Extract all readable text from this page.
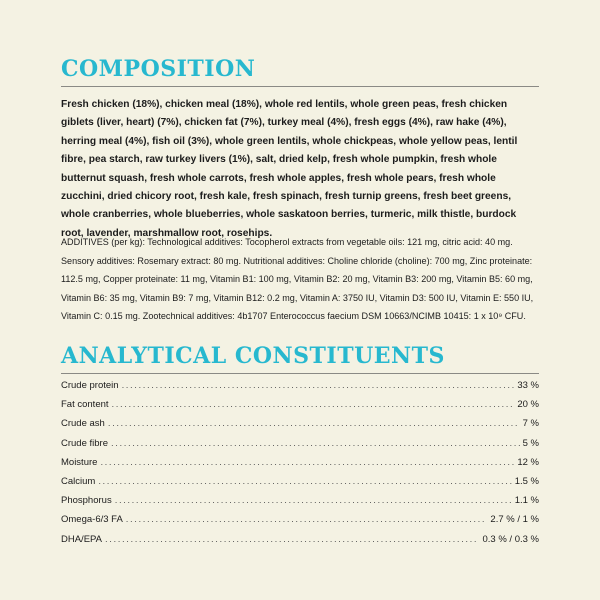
COMPOSITION

Fresh chicken (18%), chicken meal (18%), whole red lentils, whole green peas, fresh chicken giblets (liver, heart) (7%), chicken fat (7%), turkey meal (4%), fresh eggs (4%), raw hake (4%), herring meal (4%), fish oil (3%), whole green lentils, whole chickpeas, whole yellow peas, lentil fibre, pea starch, raw turkey livers (1%), salt, dried kelp, fresh whole pumpkin, fresh whole butternut squash, fresh whole carrots, fresh whole apples, fresh whole pears, fresh whole zucchini, dried chicory root, fresh kale, fresh spinach, fresh turnip greens, fresh beet greens, whole cranberries, whole blueberries, whole saskatoon berries, turmeric, milk thistle, burdock root, lavender, marshmallow root, rosehips.

ADDITIVES (per kg): Technological additives: Tocopherol extracts from vegetable oils: 121 mg, citric acid: 40 mg. Sensory additives: Rosemary extract: 80 mg. Nutritional additives: Choline chloride (choline): 700 mg, Zinc proteinate: 112.5 mg, Copper proteinate: 11 mg, Vitamin B1: 100 mg, Vitamin B2: 20 mg, Vitamin B3: 200 mg, Vitamin B5: 60 mg, Vitamin B6: 35 mg, Vitamin B9: 7 mg, Vitamin B12: 0.2 mg, Vitamin A: 3750 IU, Vitamin D3: 500 IU, Vitamin E: 550 IU, Vitamin C: 0.15 mg. Zootechnical additives: 4b1707 Enterococcus faecium DSM 10663/NCIMB 10415: 1 x 10⁹ CFU.

ANALYTICAL CONSTITUENTS
Crude protein .....	33 %
Fat content .....	20 %
Crude ash .....	7 %
Crude fibre .....	5 %
Moisture .....	12 %
Calcium .....	1.5 %
Phosphorus .....	1.1 %
Omega-6/3 FA .....	2.7 % / 1 %
DHA/EPA .....	0.3 % / 0.3 %
